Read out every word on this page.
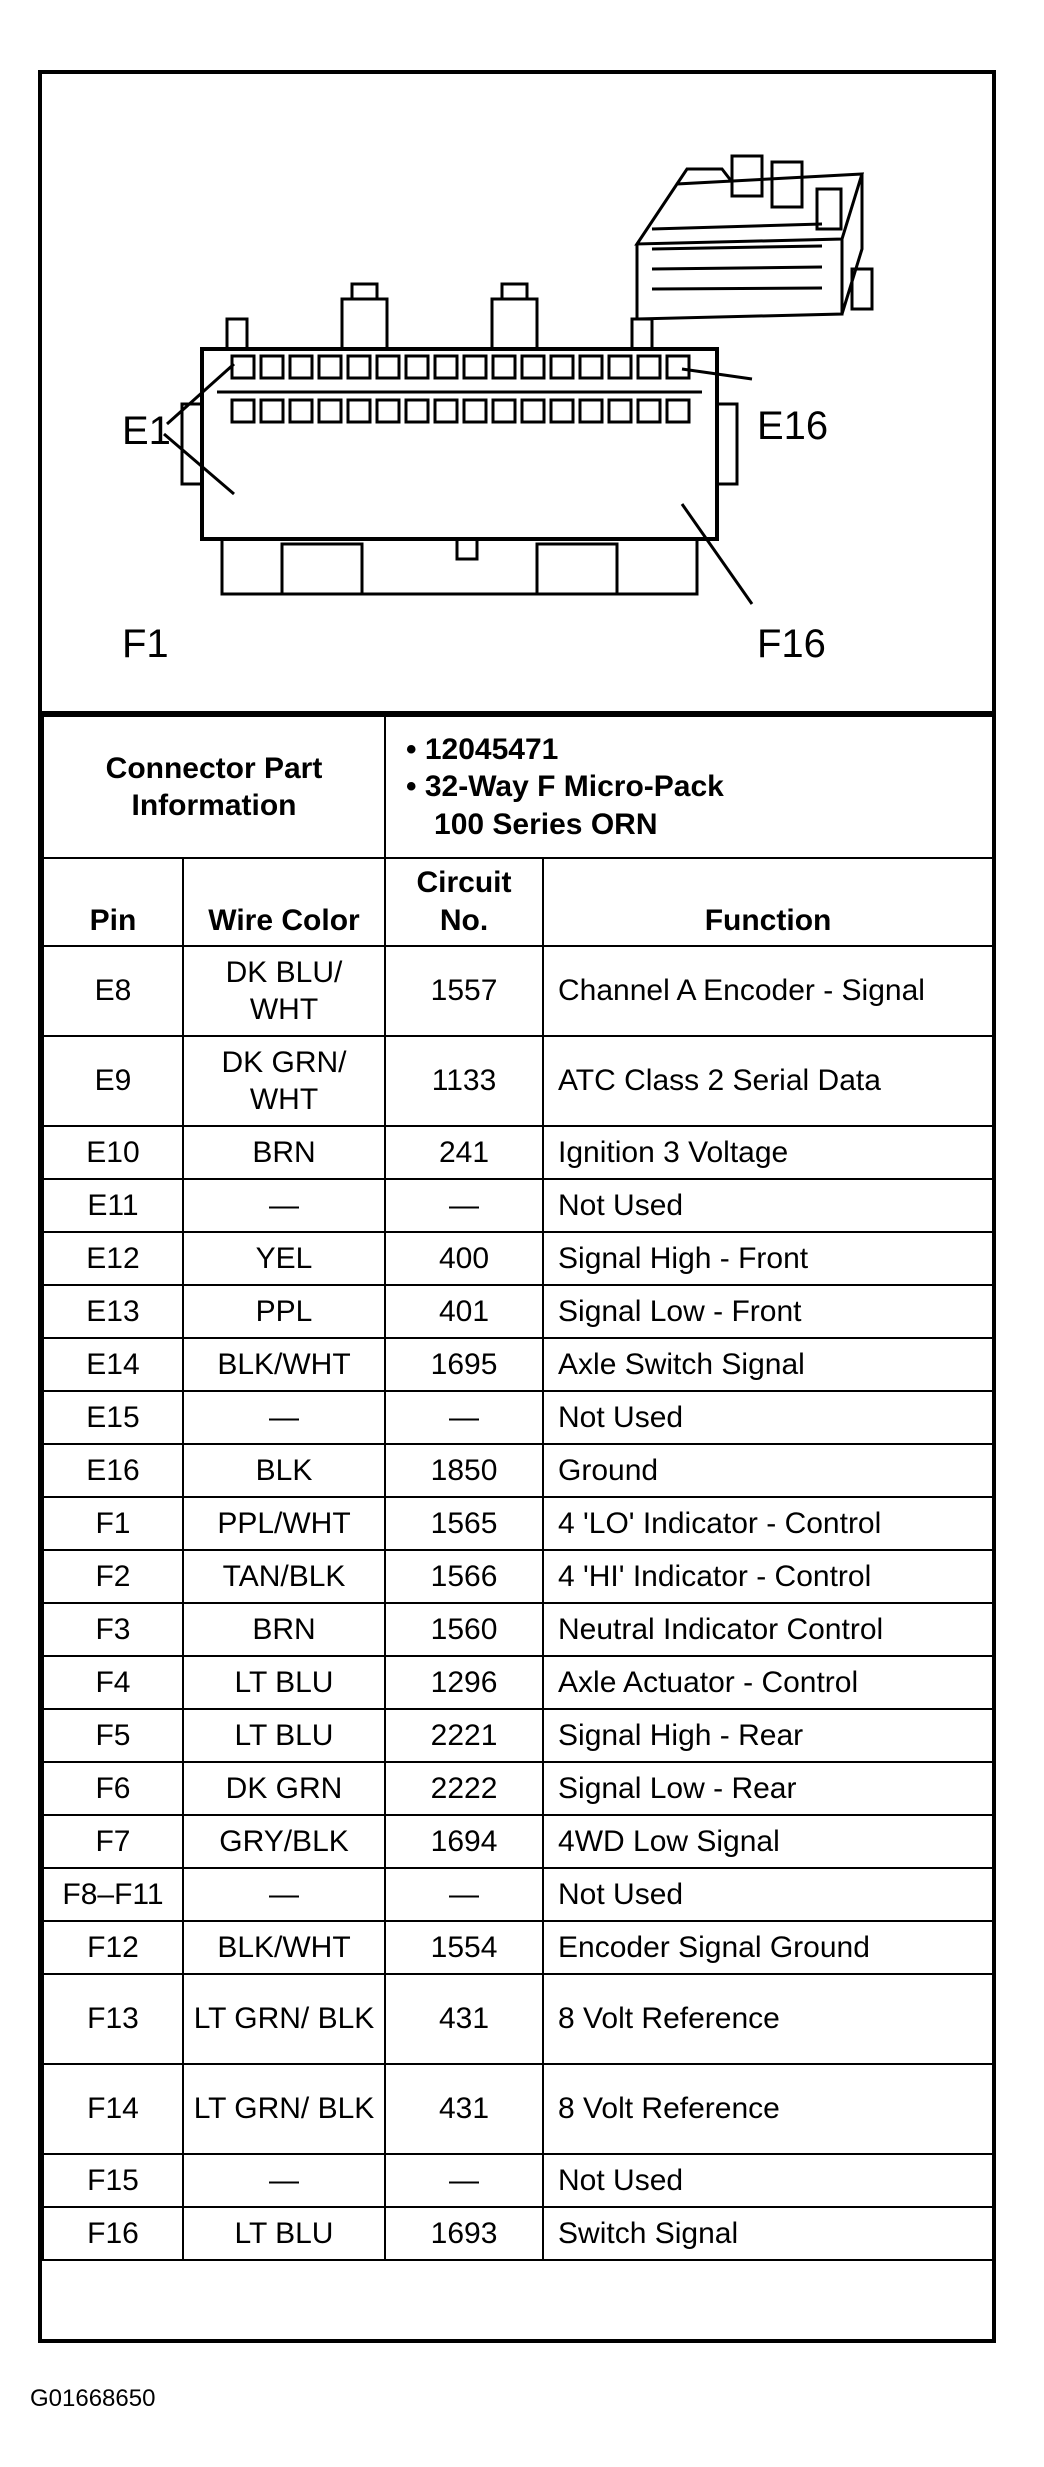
E1	E16
F1	F16
Connector Part Information		• 12045471
• 32-Way F Micro-Pack
100 Series ORN	

Pin	Wire Color	Circuit No.	Function
E8	DK BLU/ WHT	1557	Channel A Encoder - Signal
E9	DK GRN/ WHT	1133	ATC Class 2 Serial Data
E10	BRN	241	Ignition 3 Voltage
E11	—	—	Not Used
E12	YEL	400	Signal High - Front
E13	PPL	401	Signal Low - Front
E14	BLK/WHT	1695	Axle Switch Signal
E15	—	—	Not Used
E16	BLK	1850	Ground
F1	PPL/WHT	1565	4 'LO' Indicator - Control
F2	TAN/BLK	1566	4 'HI' Indicator - Control
F3	BRN	1560	Neutral Indicator Control
F4	LT BLU	1296	Axle Actuator - Control
F5	LT BLU	2221	Signal High - Rear
F6	DK GRN	2222	Signal Low - Rear
F7	GRY/BLK	1694	4WD Low Signal
F8–F11	—	—	Not Used
F12	BLK/WHT	1554	Encoder Signal Ground
F13	LT GRN/ BLK	431	8 Volt Reference
F14	LT GRN/ BLK	431	8 Volt Reference
F15	—	—	Not Used
F16	LT BLU	1693	Switch Signal
G01668650
